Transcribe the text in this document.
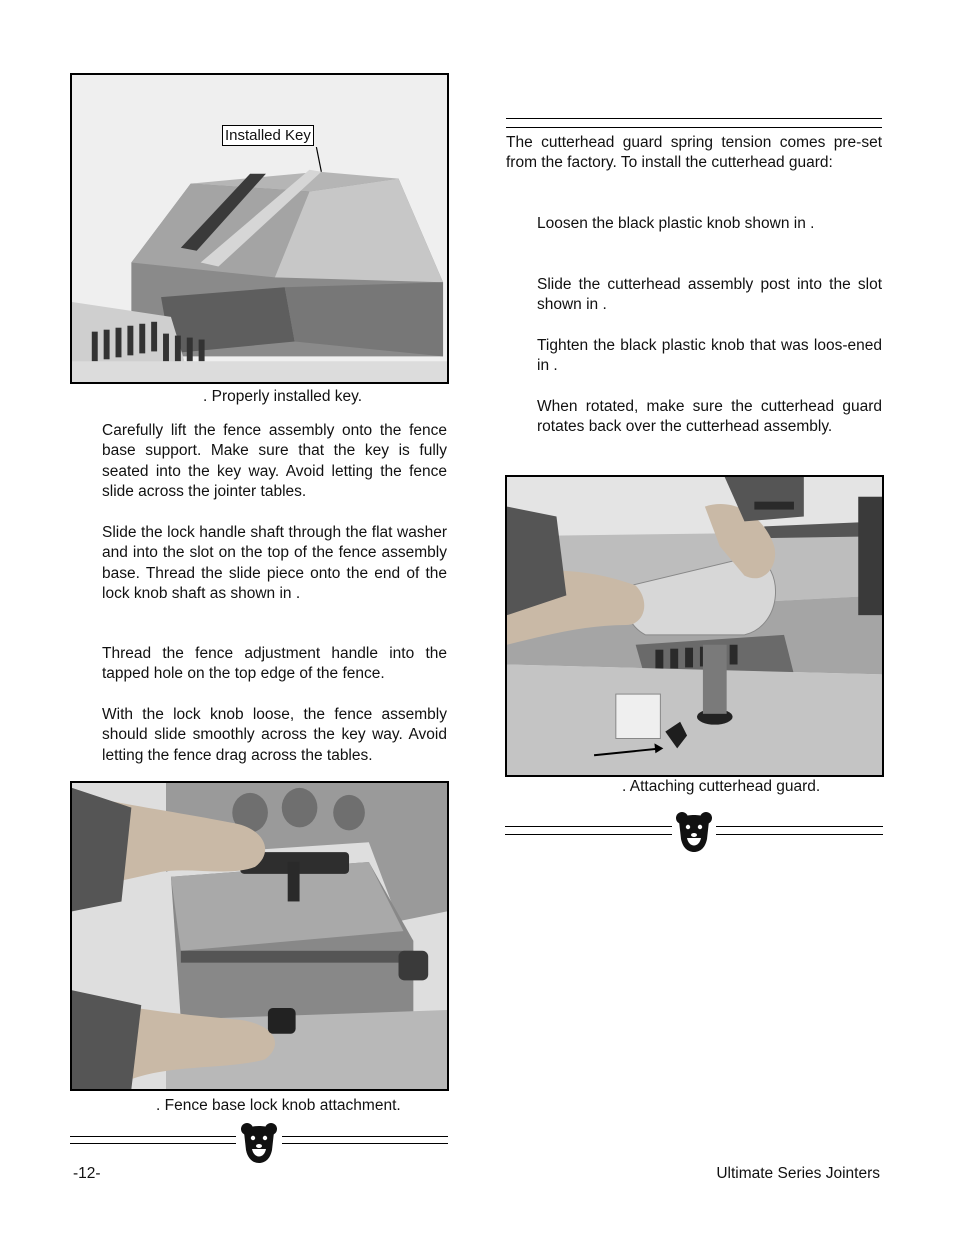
Installed Key
. Properly installed key.
Carefully lift the fence assembly onto the fence base support. Make sure that the key is fully seated into the key way. Avoid letting the fence slide across the jointer tables.
Slide the lock handle shaft through the flat washer and into the slot on the top of the fence assembly base. Thread the slide piece onto the end of the lock knob shaft as shown in .
Thread the fence adjustment handle into the tapped hole on the top edge of the fence.
With the lock knob loose, the fence assembly should slide smoothly across the key way. Avoid letting the fence drag across the tables.
. Fence base lock knob attachment.
The cutterhead guard spring tension comes pre-set from the factory. To install the cutterhead guard:
Loosen the black plastic knob shown in .
Slide the cutterhead assembly post into the slot shown in .
Tighten the black plastic knob that was loos-ened in .
When rotated, make sure the cutterhead guard rotates back over the cutterhead assembly.
. Attaching cutterhead guard.
-12-	Ultimate Series Jointers
